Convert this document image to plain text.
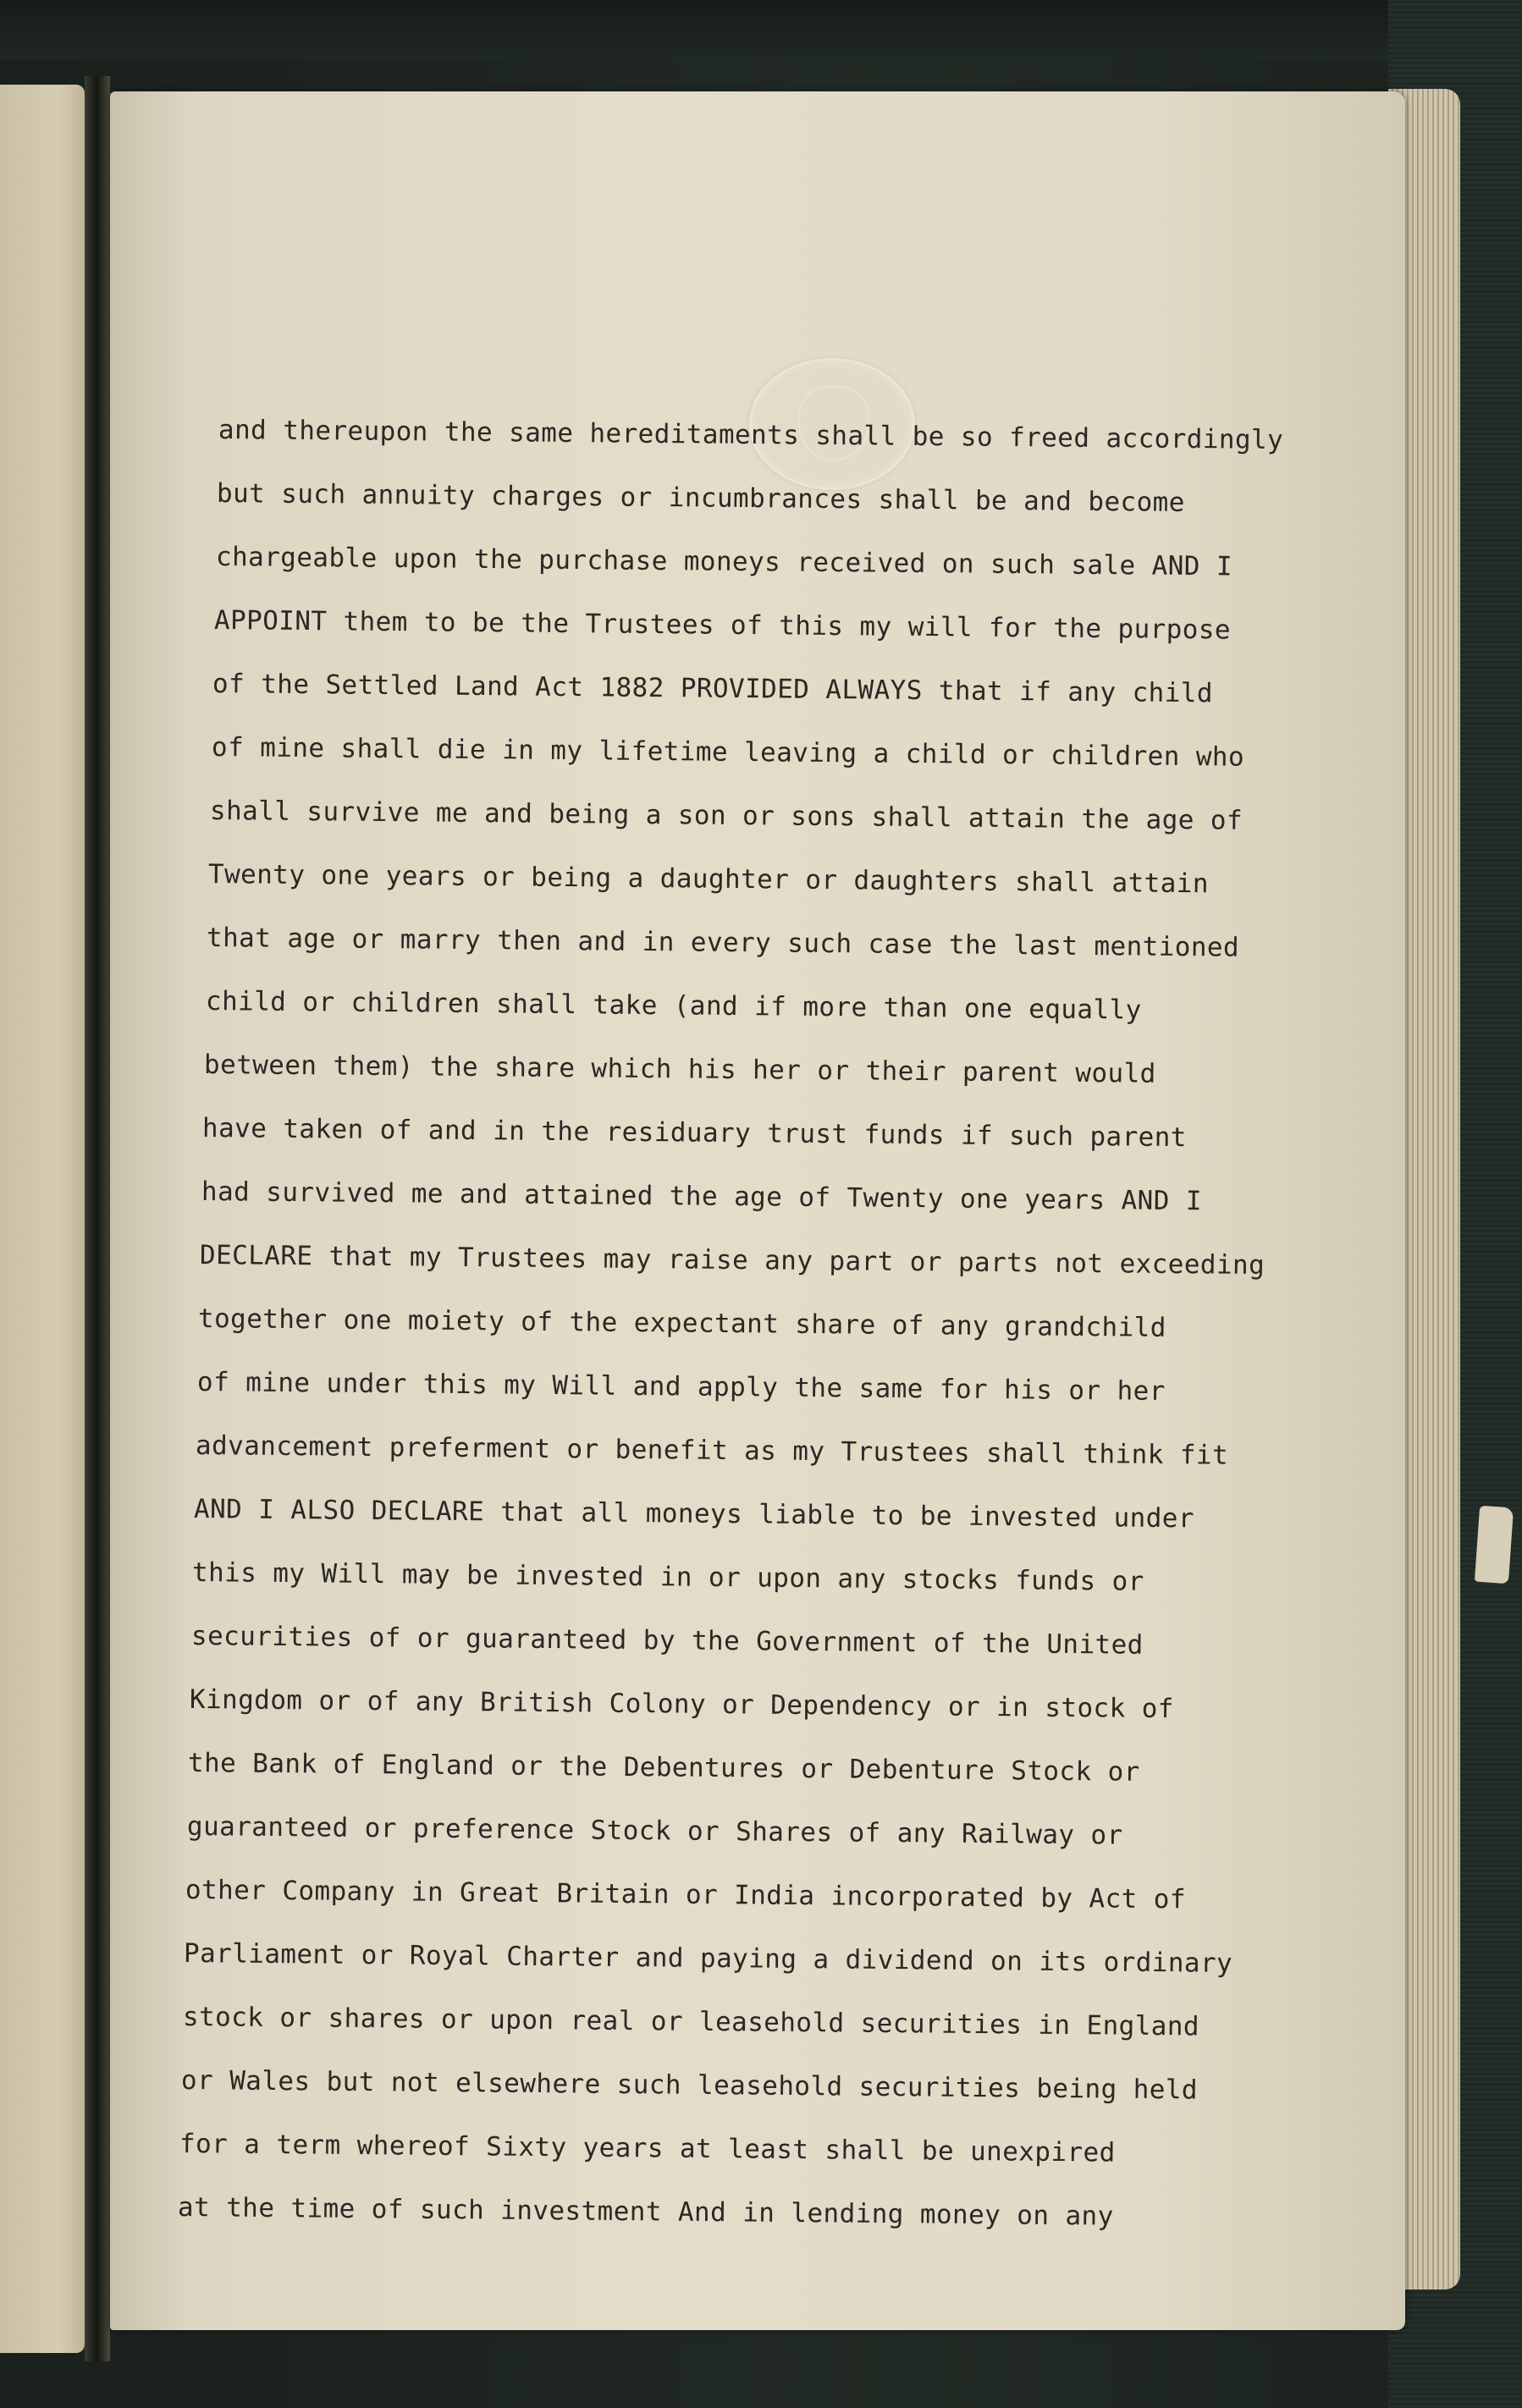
and thereupon the same hereditaments shall be so freed accordingly
but such annuity charges or incumbrances shall be and become
chargeable upon the purchase moneys received on such sale AND I
APPOINT them to be the Trustees of this my will for the purpose
of the Settled Land Act 1882 PROVIDED ALWAYS that if any child
of mine shall die in my lifetime leaving a child or children who
shall survive me and being a son or sons shall attain the age of
Twenty one years or being a daughter or daughters shall attain
that age or marry then and in every such case the last mentioned
child or children shall take (and if more than one equally
between them) the share which his her or their parent would
have taken of and in the residuary trust funds if such parent
had survived me and attained the age of Twenty one years AND I
DECLARE that my Trustees may raise any part or parts not exceeding
together one moiety of the expectant share of any grandchild
of mine under this my Will and apply the same for his or her
advancement preferment or benefit as my Trustees shall think fit
AND I ALSO DECLARE that all moneys liable to be invested under
this my Will may be invested in or upon any stocks funds or
securities of or guaranteed by the Government of the United
Kingdom or of any British Colony or Dependency or in stock of
the Bank of England or the Debentures or Debenture Stock or
guaranteed or preference Stock or Shares of any Railway or
other Company in Great Britain or India incorporated by Act of
Parliament or Royal Charter and paying a dividend on its ordinary
stock or shares or upon real or leasehold securities in England
or Wales but not elsewhere such leasehold securities being held
for a term whereof Sixty years at least shall be unexpired
at the time of such investment And in lending money on any
